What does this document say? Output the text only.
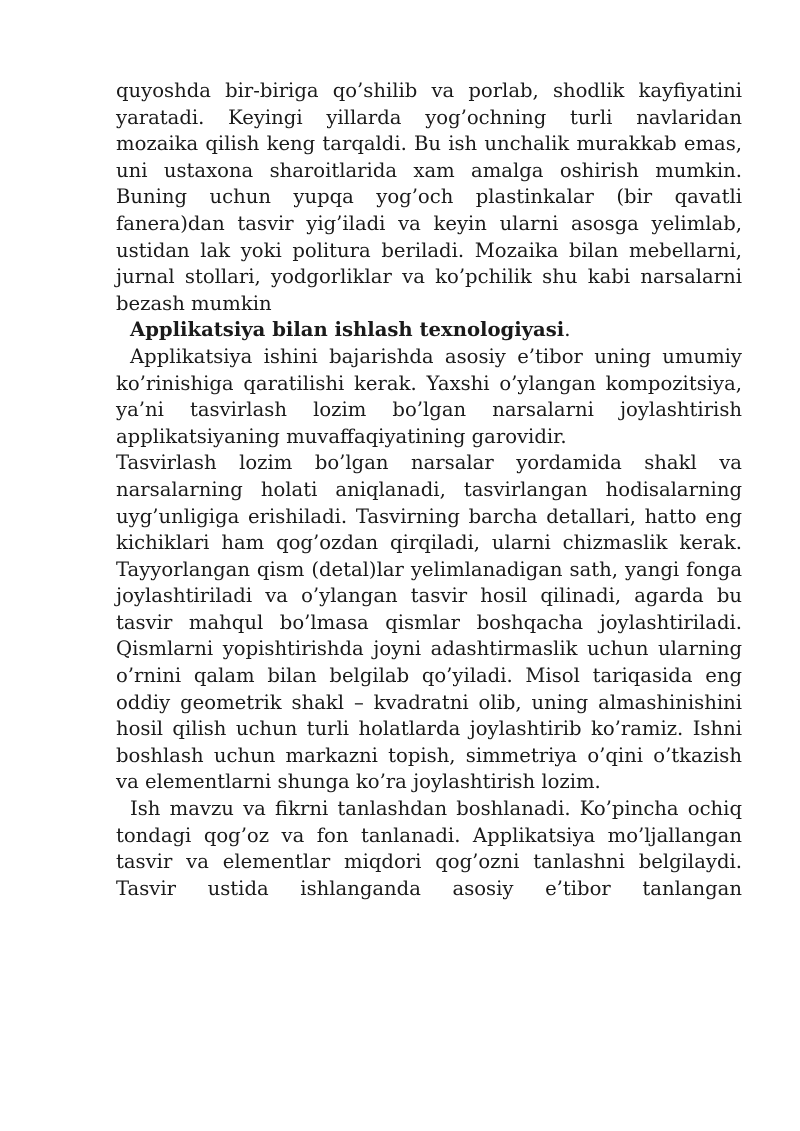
quyoshda bir-biriga qo’shilib va porlab, shodlik kayfiyatini yaratadi. Keyingi yillarda yog’ochning turli navlaridan mozaika qilish keng tarqaldi. Bu ish unchalik murakkab emas, uni ustaxona sharoitlarida xam amalga oshirish mumkin. Buning uchun yupqa yog’och plastinkalar (bir qavatli fanera)dan tasvir yig’iladi va keyin ularni asosga yelimlab, ustidan lak yoki politura beriladi. Mozaika bilan mebellarni, jurnal stollari, yodgorliklar va ko’pchilik shu kabi narsalarni bezash mumkin

Applikatsiya bilan ishlash texnologiyasi.

Applikatsiya ishini bajarishda asosiy e’tibor uning umumiy ko’rinishiga qaratilishi kerak. Yaxshi o’ylangan kompozitsiya, ya’ni tasvirlash lozim bo’lgan narsalarni joylashtirish applikatsiyaning muvaffaqiyatining garovidir.

Tasvirlash lozim bo’lgan narsalar yordamida shakl va narsalarning holati aniqlanadi, tasvirlangan hodisalarning uyg’unligiga erishiladi. Tasvirning barcha detallari, hatto eng kichiklari ham qog’ozdan qirqiladi, ularni chizmaslik kerak. Tayyorlangan qism (detal)lar yelimlanadigan sath, yangi fonga joylashtiriladi va o’ylangan tasvir hosil qilinadi, agarda bu tasvir mahqul bo’lmasa qismlar boshqacha joylashtiriladi. Qismlarni yopishtirishda joyni adashtirmaslik uchun ularning o’rnini qalam bilan belgilab qo’yiladi. Misol tariqasida eng oddiy geometrik shakl – kvadratni olib, uning almashinishini hosil qilish uchun turli holatlarda joylashtirib ko’ramiz. Ishni boshlash uchun markazni topish, simmetriya o’qini o’tkazish va elementlarni shunga ko’ra joylashtirish lozim.

Ish mavzu va fikrni tanlashdan boshlanadi. Ko’pincha ochiq tondagi qog’oz va fon tanlanadi. Applikatsiya mo’ljallangan tasvir va elementlar miqdori qog’ozni tanlashni belgilaydi. Tasvir ustida ishlanganda asosiy e’tibor tanlangan
